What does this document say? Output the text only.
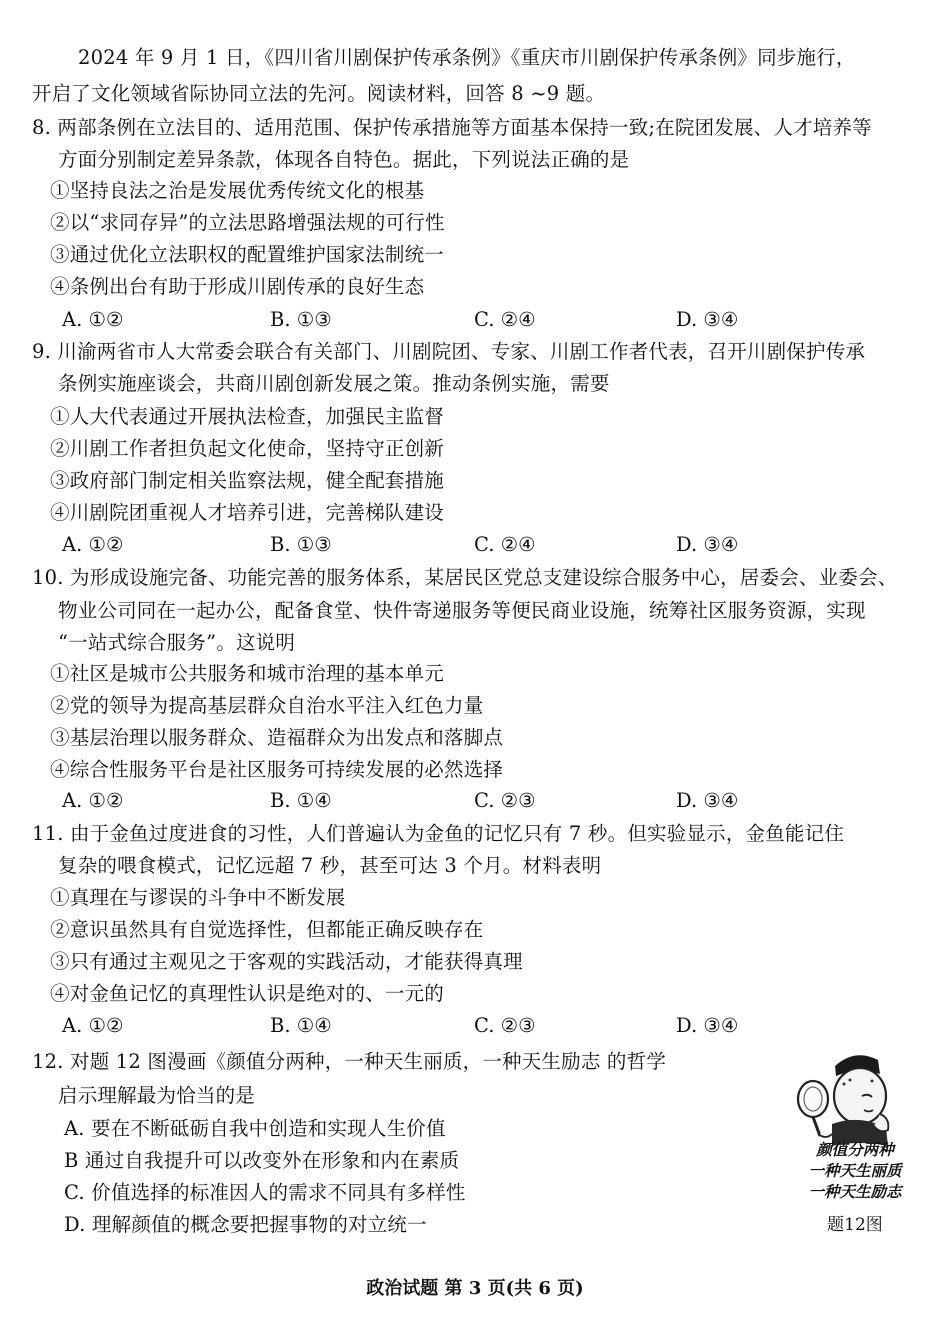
2024 年 9 月 1 日，《四川省川剧保护传承条例》《重庆市川剧保护传承条例》同步施行，
开启了文化领域省际协同立法的先河。阅读材料，回答 8 ~9 题。
8. 两部条例在立法目的、适用范围、保护传承措施等方面基本保持一致;在院团发展、人才培养等
方面分别制定差异条款，体现各自特色。据此，下列说法正确的是
①坚持良法之治是发展优秀传统文化的根基
②以“求同存异”的立法思路增强法规的可行性
③通过优化立法职权的配置维护国家法制统一
④条例出台有助于形成川剧传承的良好生态
A. ①②	B. ①③	C. ②④	D. ③④
9. 川渝两省市人大常委会联合有关部门、川剧院团、专家、川剧工作者代表，召开川剧保护传承
条例实施座谈会，共商川剧创新发展之策。推动条例实施，需要
①人大代表通过开展执法检查，加强民主监督
②川剧工作者担负起文化使命，坚持守正创新
③政府部门制定相关监察法规，健全配套措施
④川剧院团重视人才培养引进，完善梯队建设
A. ①②	B. ①③	C. ②④	D. ③④
10. 为形成设施完备、功能完善的服务体系，某居民区党总支建设综合服务中心，居委会、业委会、
物业公司同在一起办公，配备食堂、快件寄递服务等便民商业设施，统筹社区服务资源，实现
“一站式综合服务”。这说明
①社区是城市公共服务和城市治理的基本单元
②党的领导为提高基层群众自治水平注入红色力量
③基层治理以服务群众、造福群众为出发点和落脚点
④综合性服务平台是社区服务可持续发展的必然选择
A. ①②	B. ①④	C. ②③	D. ③④
11. 由于金鱼过度进食的习性，人们普遍认为金鱼的记忆只有 7 秒。但实验显示，金鱼能记住
复杂的喂食模式，记忆远超 7 秒，甚至可达 3 个月。材料表明
①真理在与谬误的斗争中不断发展
②意识虽然具有自觉选择性，但都能正确反映存在
③只有通过主观见之于客观的实践活动，才能获得真理
④对金鱼记忆的真理性认识是绝对的、一元的
A. ①②	B. ①④	C. ②③	D. ③④
12. 对题 12 图漫画《颜值分两种，一种天生丽质，一种天生励志 的哲学
启示理解最为恰当的是
A. 要在不断砥砺自我中创造和实现人生价值
B 通过自我提升可以改变外在形象和内在素质
C. 价值选择的标准因人的需求不同具有多样性
D. 理解颜值的概念要把握事物的对立统一
颜值分两种
一种天生丽质
一种天生励志
题12图
政治试题 第 3 页(共 6 页)
